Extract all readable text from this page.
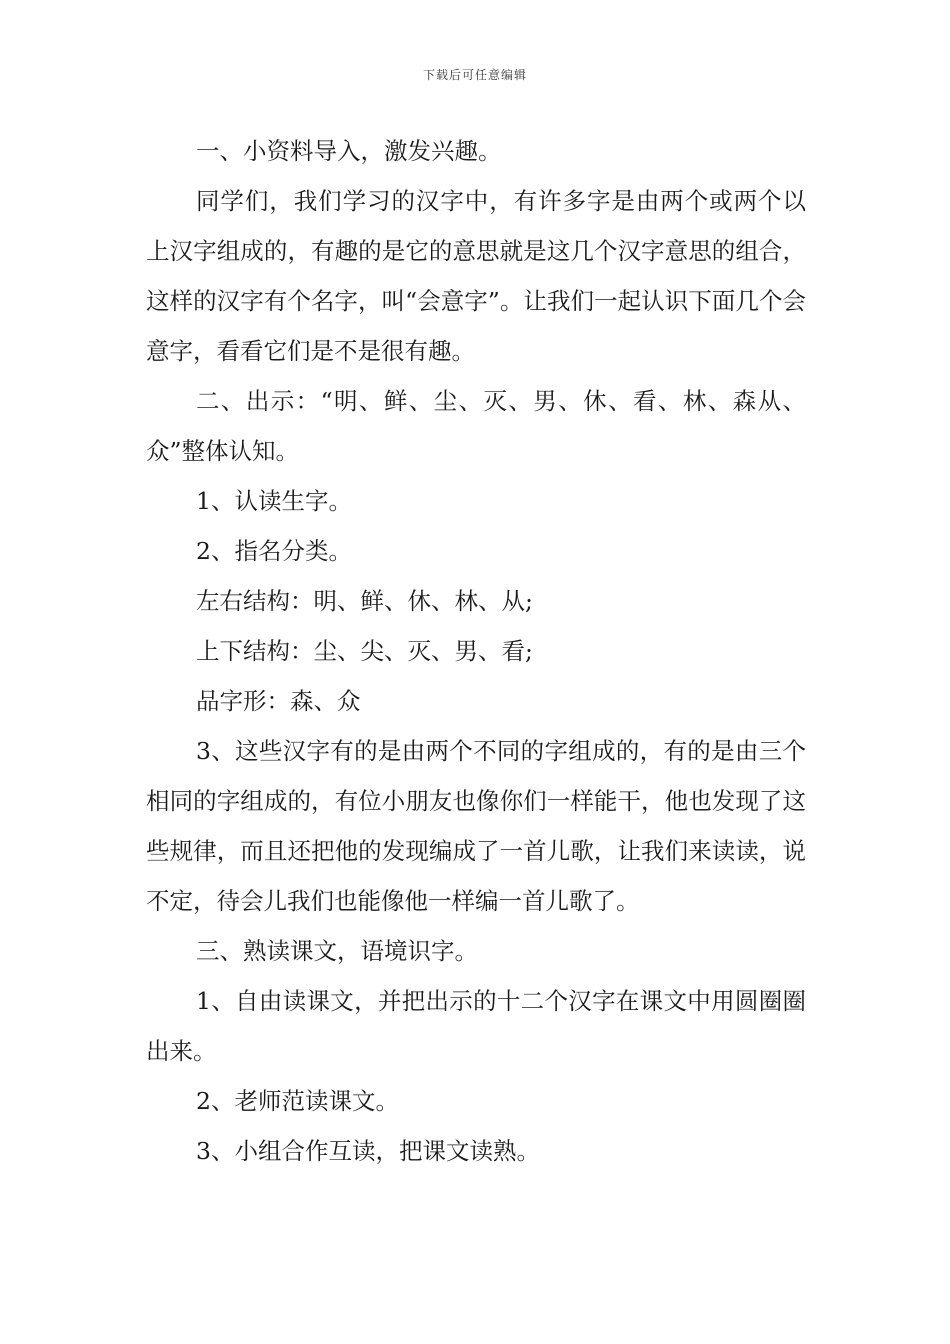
下载后可任意编辑

一、小资料导入，激发兴趣。

同学们，我们学习的汉字中，有许多字是由两个或两个以上汉字组成的，有趣的是它的意思就是这几个汉字意思的组合，这样的汉字有个名字，叫“会意字”。让我们一起认识下面几个会意字，看看它们是不是很有趣。

二、出示：“明、鲜、尘、灭、男、休、看、林、森从、众”整体认知。

1、认读生字。

2、指名分类。

左右结构：明、鲜、休、林、从;

上下结构：尘、尖、灭、男、看;

品字形：森、众

3、这些汉字有的是由两个不同的字组成的，有的是由三个相同的字组成的，有位小朋友也像你们一样能干，他也发现了这些规律，而且还把他的发现编成了一首儿歌，让我们来读读，说不定，待会儿我们也能像他一样编一首儿歌了。

三、熟读课文，语境识字。

1、自由读课文，并把出示的十二个汉字在课文中用圆圈圈出来。

2、老师范读课文。

3、小组合作互读，把课文读熟。
